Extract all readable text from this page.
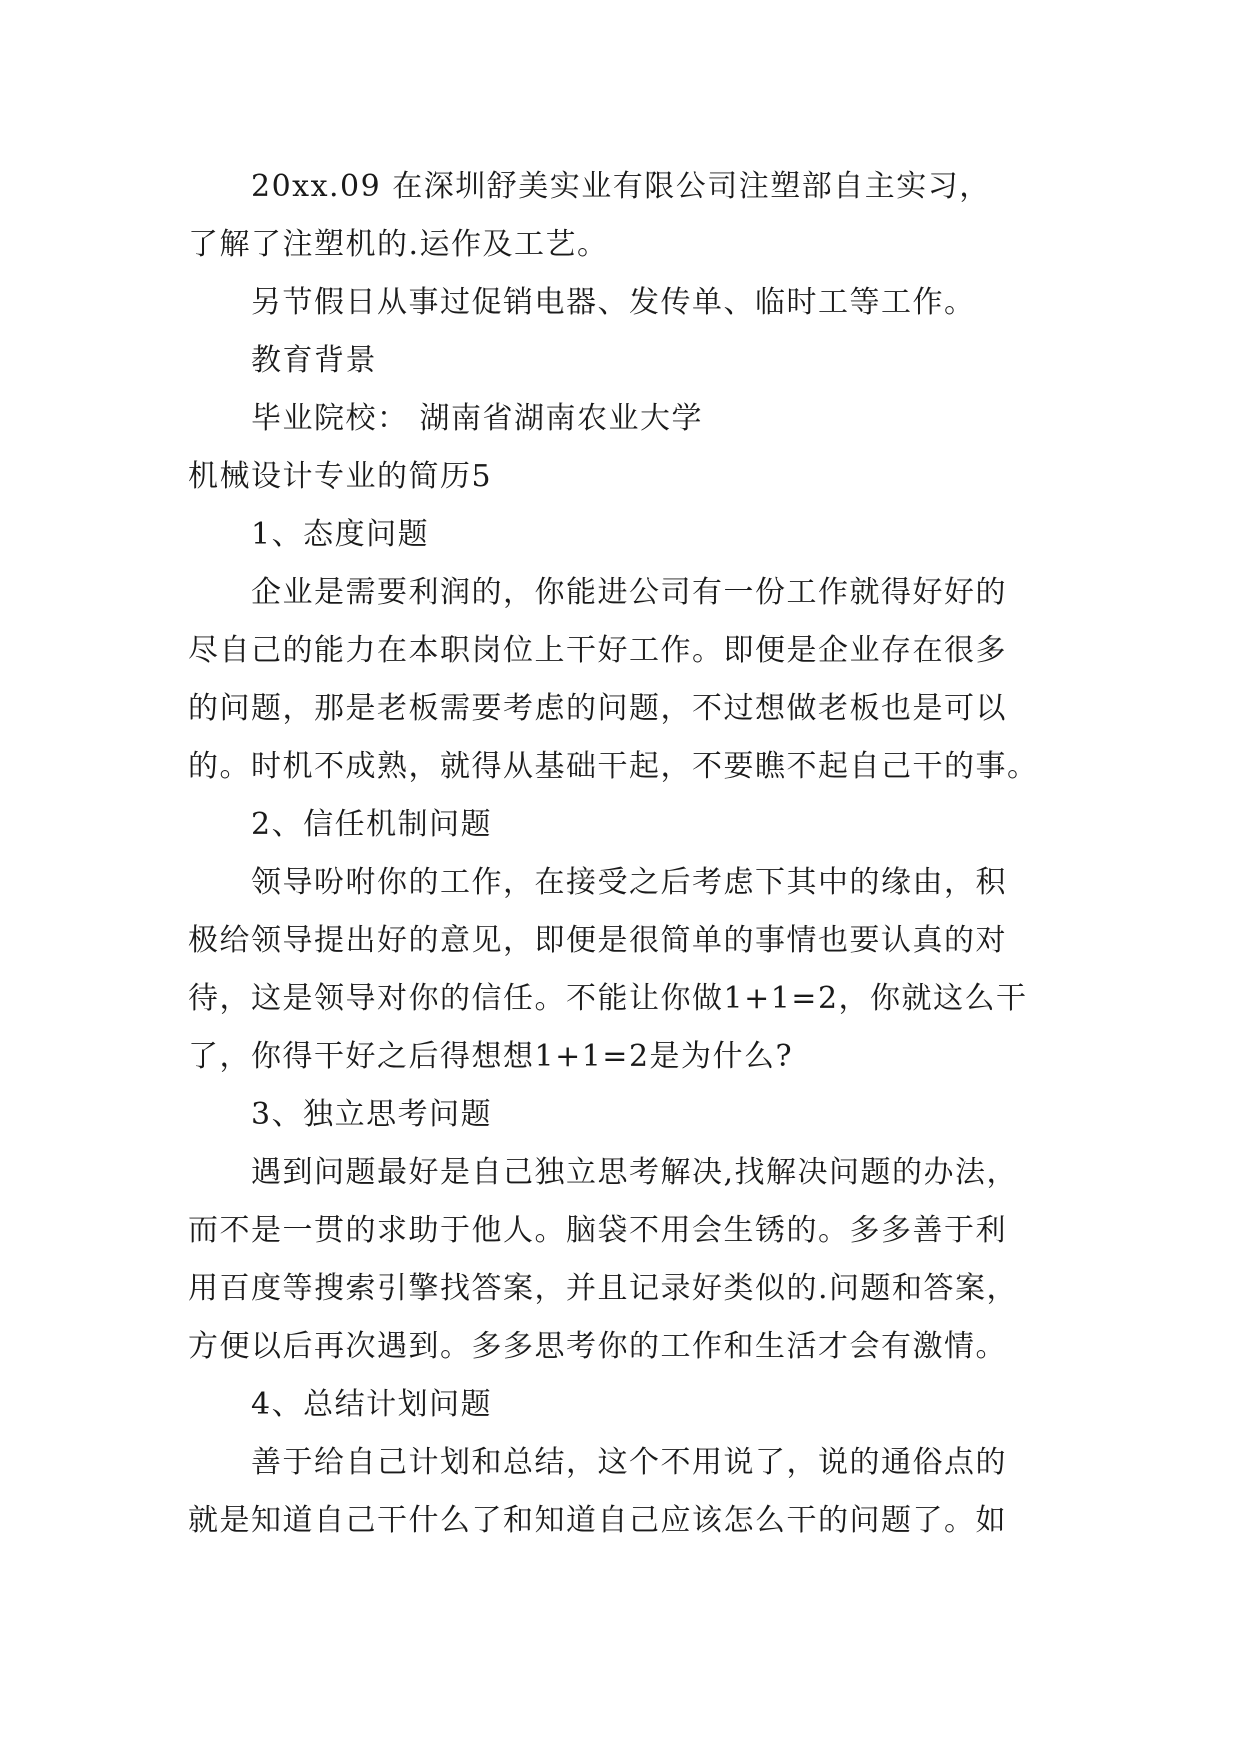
20xx.09 在深圳舒美实业有限公司注塑部自主实习，
了解了注塑机的.运作及工艺。
另节假日从事过促销电器、发传单、临时工等工作。
教育背景
毕业院校： 湖南省湖南农业大学
机械设计专业的简历5
1、态度问题
企业是需要利润的，你能进公司有一份工作就得好好的
尽自己的能力在本职岗位上干好工作。即便是企业存在很多
的问题，那是老板需要考虑的问题，不过想做老板也是可以
的。时机不成熟，就得从基础干起，不要瞧不起自己干的事。
2、信任机制问题
领导吩咐你的工作，在接受之后考虑下其中的缘由，积
极给领导提出好的意见，即便是很简单的事情也要认真的对
待，这是领导对你的信任。不能让你做1+1=2，你就这么干
了，你得干好之后得想想1+1=2是为什么?
3、独立思考问题
遇到问题最好是自己独立思考解决,找解决问题的办法，
而不是一贯的求助于他人。脑袋不用会生锈的。多多善于利
用百度等搜索引擎找答案，并且记录好类似的.问题和答案，
方便以后再次遇到。多多思考你的工作和生活才会有激情。
4、总结计划问题
善于给自己计划和总结，这个不用说了，说的通俗点的
就是知道自己干什么了和知道自己应该怎么干的问题了。如
